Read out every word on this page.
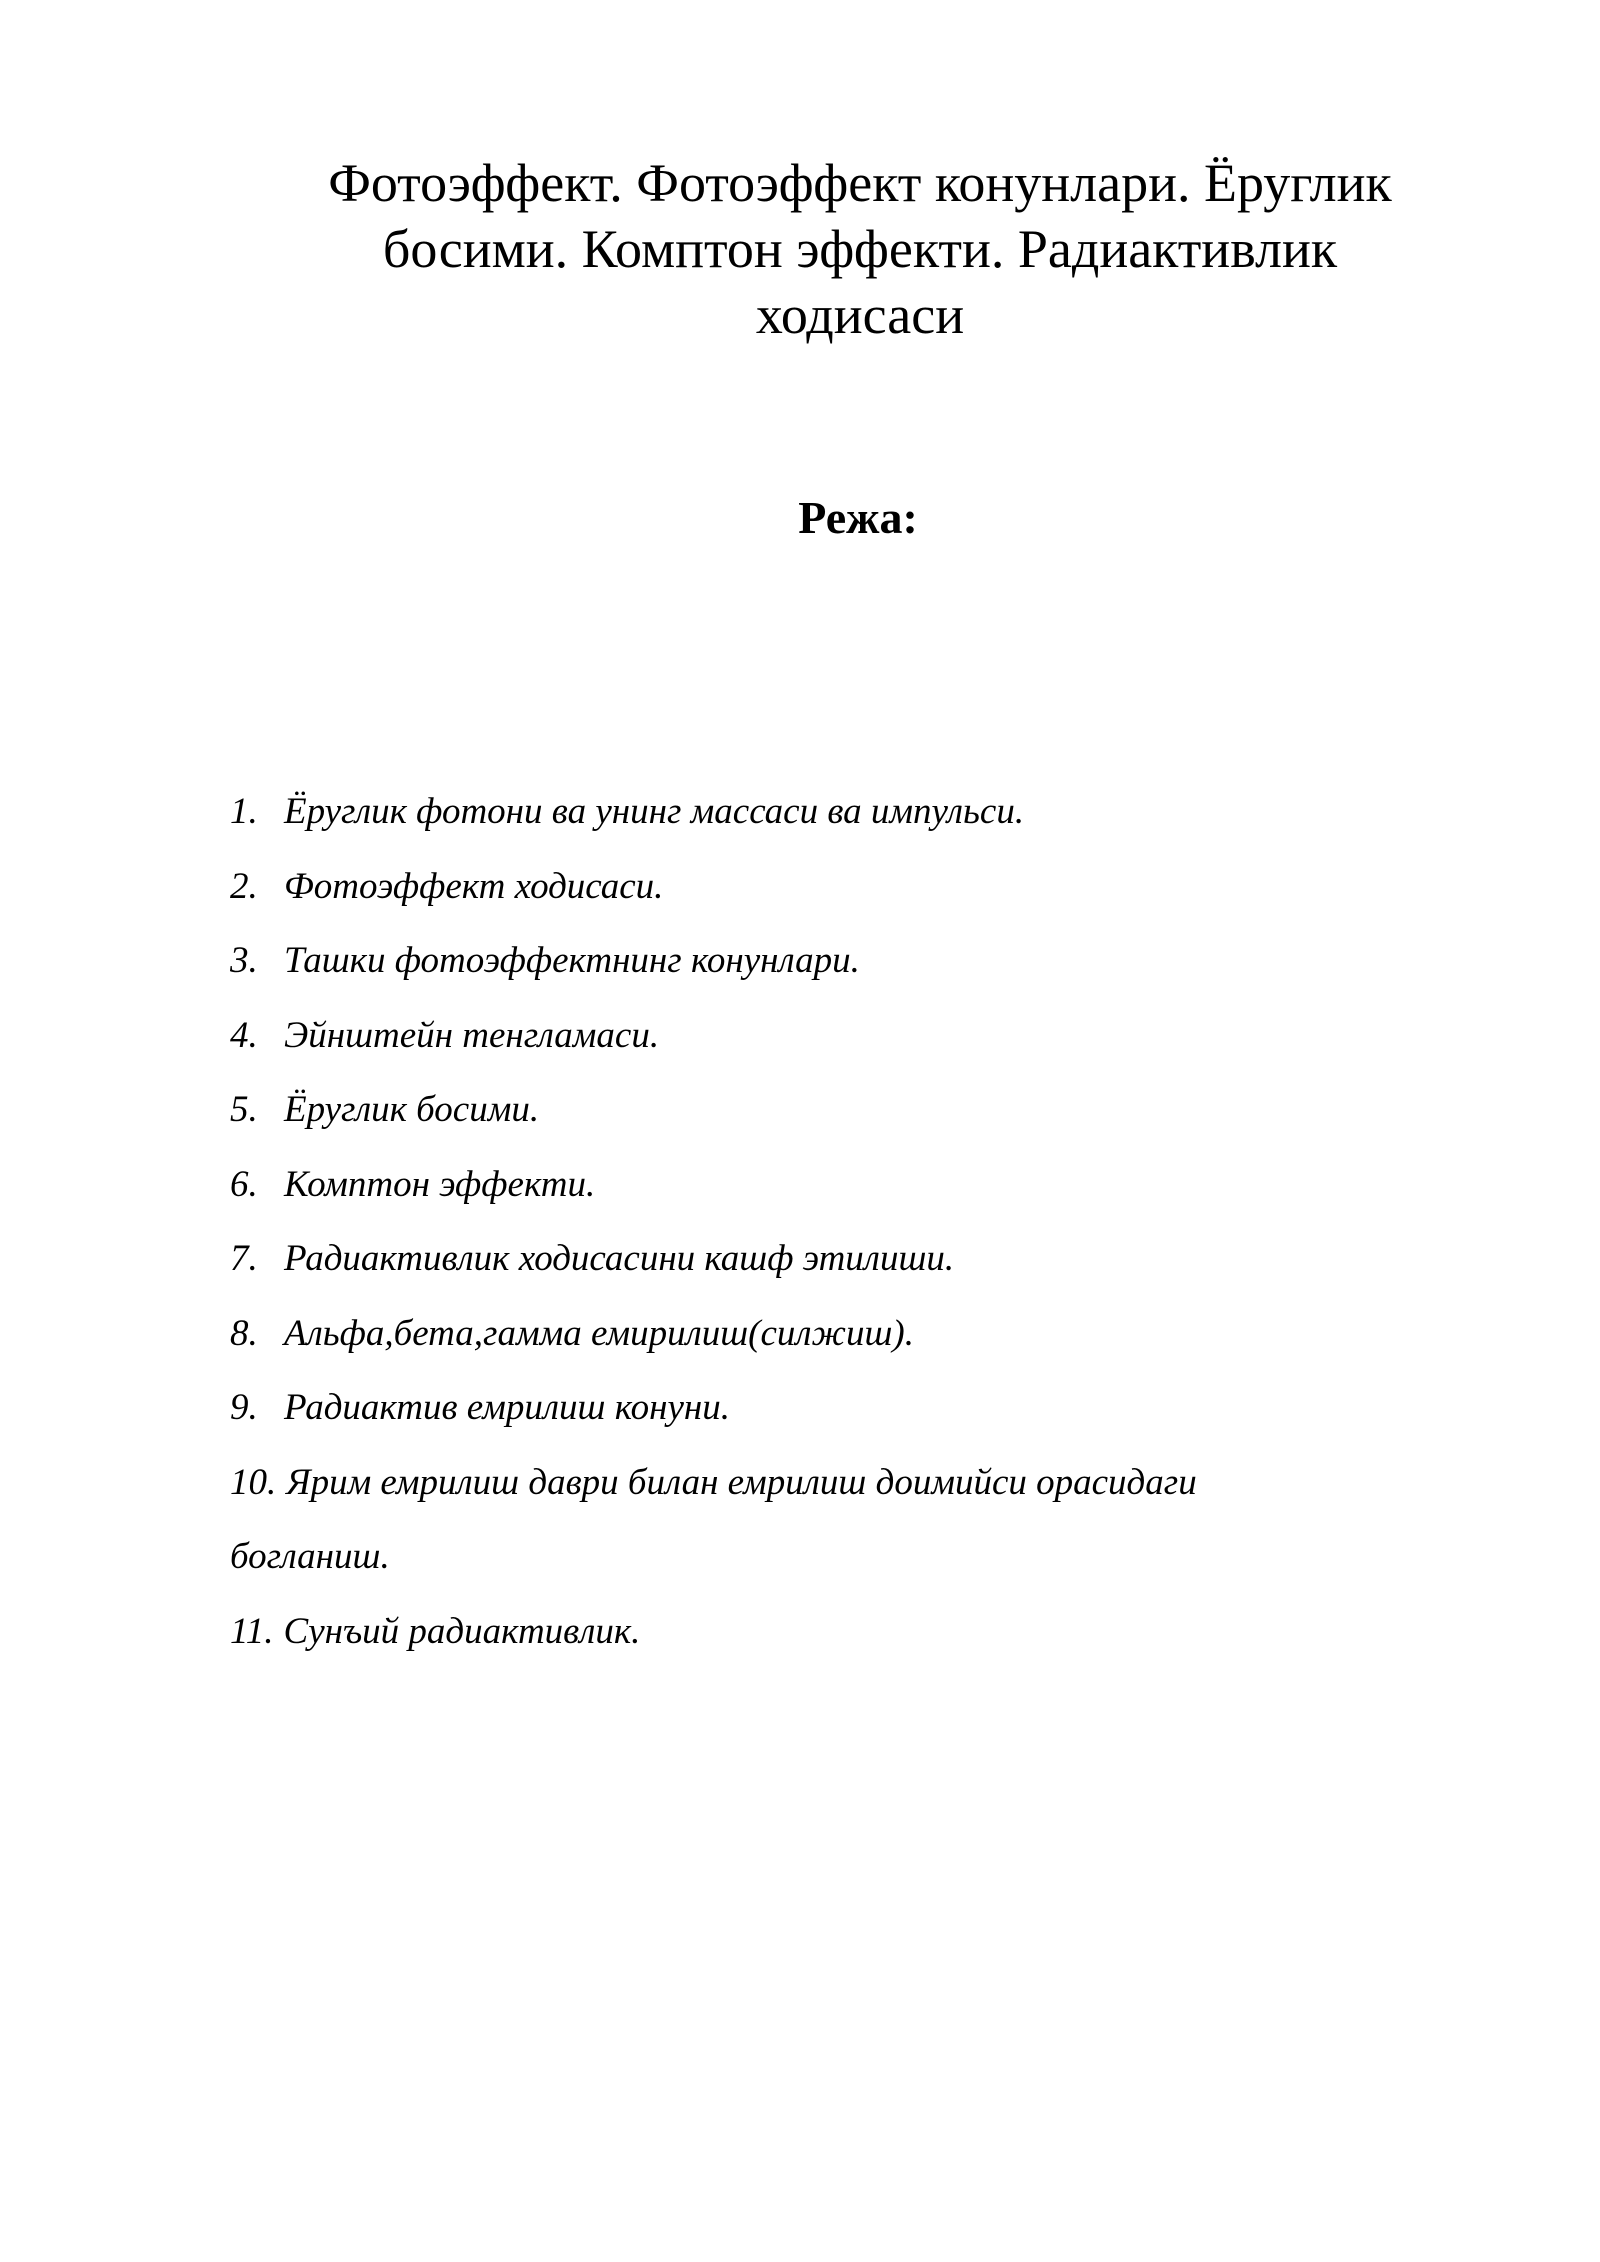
Фотоэффект. Фотоэффект конунлари. Ёруглик
босими. Комптон эффекти. Радиактивлик
ходисаси
Режа:
1. Ёруглик фотони ва унинг массаси ва импульси.
2. Фотоэффект ходисаси.
3. Ташки фотоэффектнинг конунлари.
4. Эйнштейн тенгламаси.
5. Ёруглик босими.
6. Комптон эффекти.
7. Радиактивлик ходисасини кашф этилиши.
8. Альфа,бета,гамма емирилиш(силжиш).
9. Радиактив емрилиш конуни.
10. Ярим емрилиш даври билан емрилиш доимийси орасидаги
богланиш.
11. Сунъий радиактивлик.
